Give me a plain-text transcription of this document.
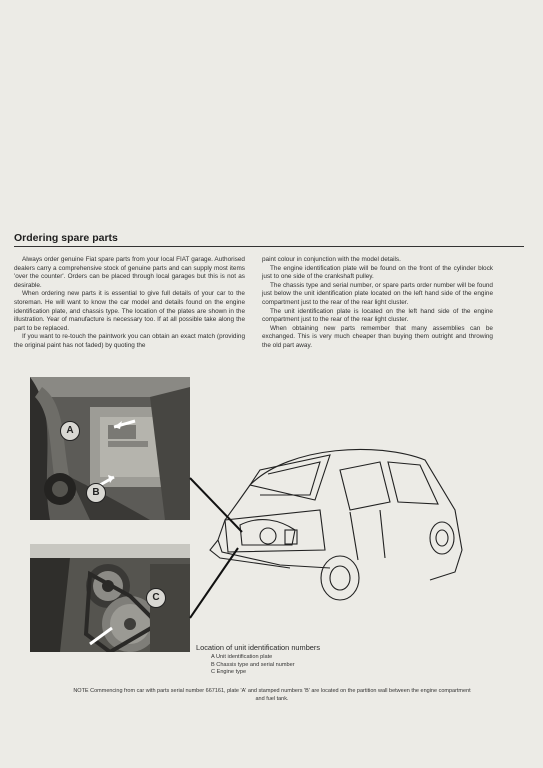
Ordering spare parts

Always order genuine Fiat spare parts from your local FIAT garage. Authorised dealers carry a comprehensive stock of genuine parts and can supply most items 'over the counter'. Orders can be placed through local garages but this is not as desirable.

When ordering new parts it is essential to give full details of your car to the storeman. He will want to know the car model and details found on the engine identification plate, and chassis type. The location of the plates are shown in the illustration. Year of manufacture is necessary too. If at all possible take along the part to be replaced.

If you want to re-touch the paintwork you can obtain an exact match (providing the original paint has not faded) by quoting the

paint colour in conjunction with the model details.

The engine identification plate will be found on the front of the cylinder block just to one side of the crankshaft pulley.

The chassis type and serial number, or spare parts order number will be found just below the unit identification plate located on the left hand side of the engine compartment just to the rear of the rear light cluster.

The unit identification plate is located on the left hand side of the engine compartment just to the rear of the rear light cluster.

When obtaining new parts remember that many assemblies can be exchanged. This is very much cheaper than buying them outright and throwing the old part away.

A
B
C
Location of unit identification numbers
A Unit identification plate
B Chassis type and serial number
C Engine type
NOTE Commencing from car with parts serial number 667161, plate 'A' and stamped numbers 'B' are located on the partition wall between the engine compartment and fuel tank.
